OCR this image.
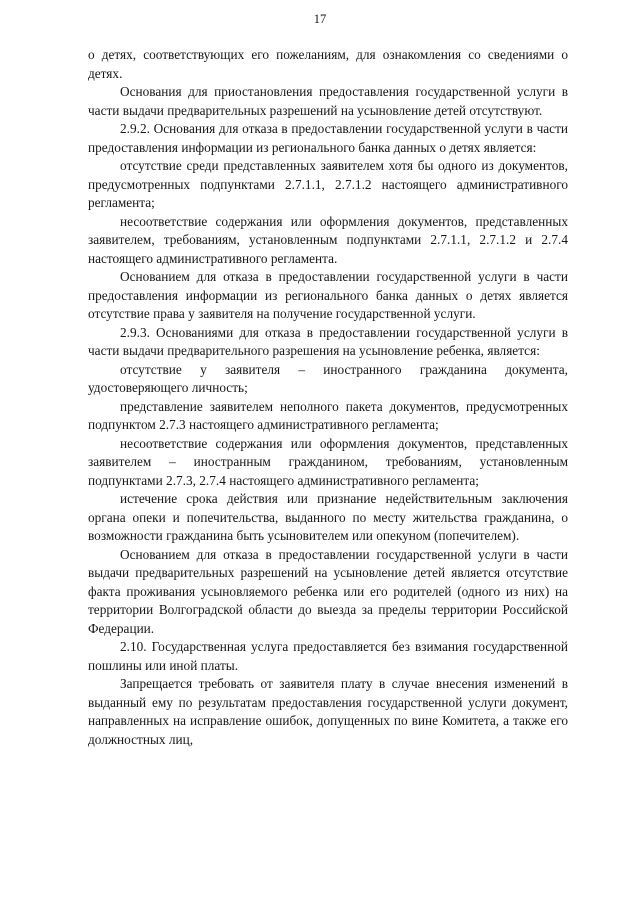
17

о детях, соответствующих его пожеланиям, для ознакомления со сведениями о детях.

Основания для приостановления предоставления государственной услуги в части выдачи предварительных разрешений на усыновление детей отсутствуют.

2.9.2. Основания для отказа в предоставлении государственной услуги в части предоставления информации из регионального банка данных о детях является:

отсутствие среди представленных заявителем хотя бы одного из документов, предусмотренных подпунктами 2.7.1.1, 2.7.1.2 настоящего административного регламента;

несоответствие содержания или оформления документов, представленных заявителем, требованиям, установленным подпунктами 2.7.1.1, 2.7.1.2 и 2.7.4 настоящего административного регламента.

Основанием для отказа в предоставлении государственной услуги в части предоставления информации из регионального банка данных о детях является отсутствие права у заявителя на получение государственной услуги.

2.9.3. Основаниями для отказа в предоставлении государственной услуги в части выдачи предварительного разрешения на усыновление ребенка, является:

отсутствие у заявителя – иностранного гражданина документа, удостоверяющего личность;

представление заявителем неполного пакета документов, предусмотренных подпунктом 2.7.3 настоящего административного регламента;

несоответствие содержания или оформления документов, представленных заявителем – иностранным гражданином, требованиям, установленным подпунктами 2.7.3, 2.7.4 настоящего административного регламента;

истечение срока действия или признание недействительным заключения органа опеки и попечительства, выданного по месту жительства гражданина, о возможности гражданина быть усыновителем или опекуном (попечителем).

Основанием для отказа в предоставлении государственной услуги в части выдачи предварительных разрешений на усыновление детей является отсутствие факта проживания усыновляемого ребенка или его родителей (одного из них) на территории Волгоградской области до выезда за пределы территории Российской Федерации.

2.10. Государственная услуга предоставляется без взимания государственной пошлины или иной платы.

Запрещается требовать от заявителя плату в случае внесения изменений в выданный ему по результатам предоставления государственной услуги документ, направленных на исправление ошибок, допущенных по вине Комитета, а также его должностных лиц,
